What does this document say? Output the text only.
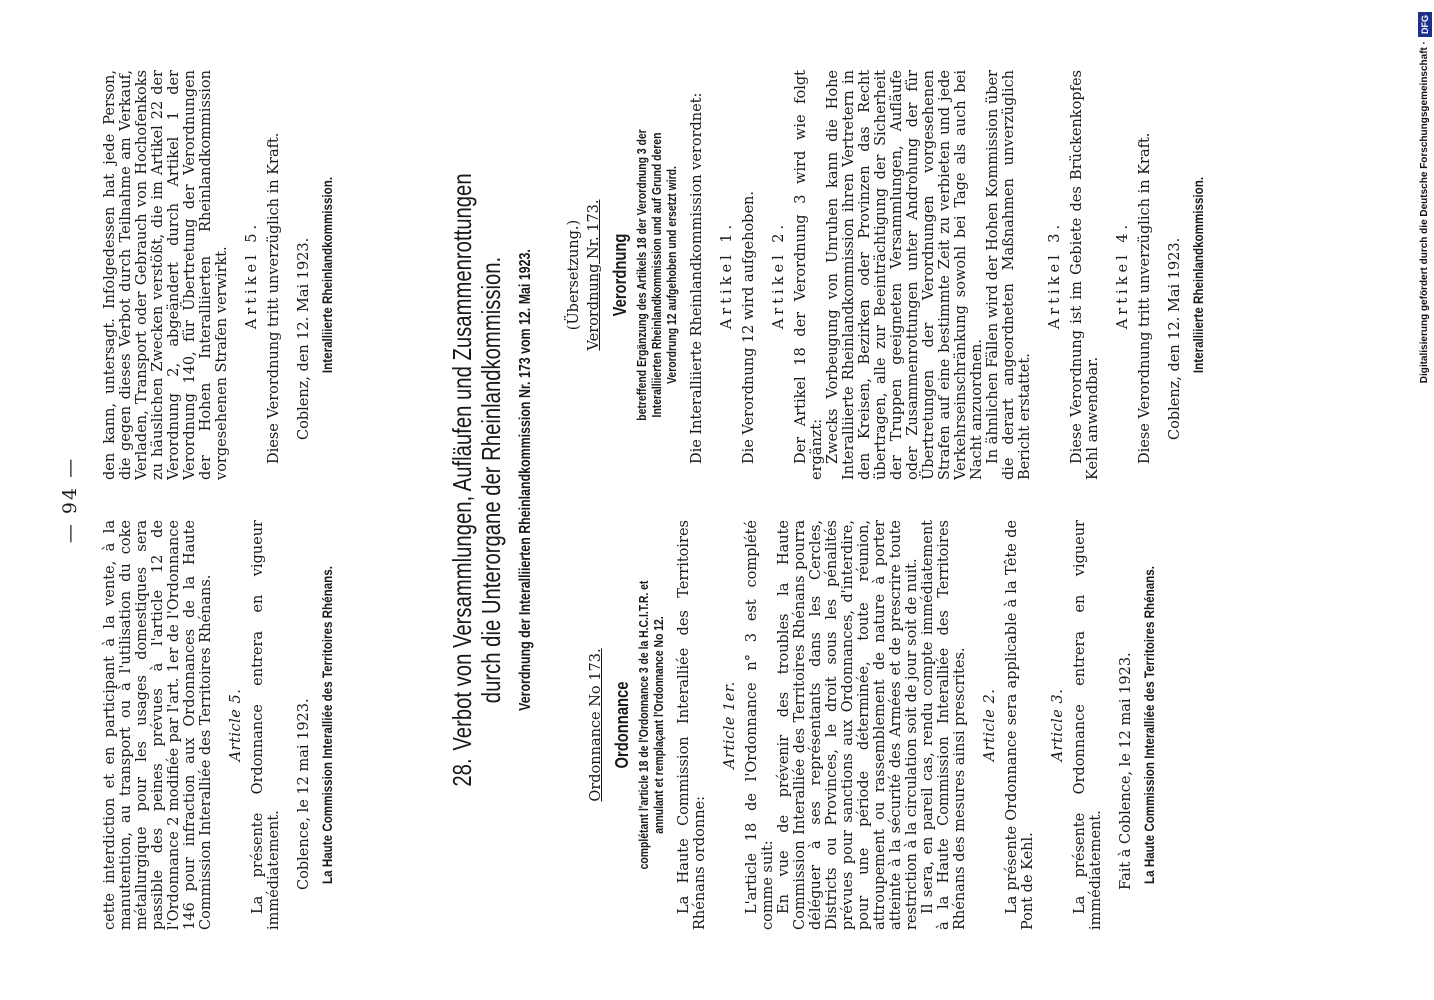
— 94 —

cette interdiction et en participant à la vente, à la manutention, au transport ou à l'utilisation du coke métallurgique pour les usages domestiques sera passible des peines prévues à l'article 12 de l'Ordonnance 2 modifiée par l'art. 1er de l'Ordonnance 146 pour infraction aux Ordonnances de la Haute Commission Interalliée des Territoires Rhénans. Article 5. La présente Ordonnance entrera en vigueur immédiatement. Coblence, le 12 mai 1923. La Haute Commission Interalliée des Territoires Rhénans.

den kann, untersagt. Infolgedessen hat jede Person, die gegen dieses Verbot durch Teilnahme am Verkauf, Verladen, Transport oder Gebrauch von Hochofenkoks zu häuslichen Zwecken verstößt, die im Artikel 22 der Verordnung 2, abgeändert durch Artikel 1 der Verordnung 140, für Übertretung der Verordnungen der Hohen Interalliierten Rheinlandkommission vorgesehenen Strafen verwirkt. Artikel 5. Diese Verordnung tritt unverzüglich in Kraft. Coblenz, den 12. Mai 1923. Interalliierte Rheinlandkommission.
28.Verbot von Versammlungen, Aufläufen und Zusammenrottungen durch die Unterorgane der Rheinlandkommission. Verordnung der Interalliierten Rheinlandkommission Nr. 173 vom 12. Mai 1923.
Ordonnance No 173. Ordonnance complétant l'article 18 de l'Ordonnance 3 de la H.C.I.T.R. et annulant et remplaçant l'Ordonnance No 12. La Haute Commission Interalliée des Territoires Rhénans ordonne:

Article 1er. L'article 18 de l'Ordonnance n° 3 est complété comme suit: En vue de prévenir des troubles la Haute Commission Interalliée des Territoires Rhénans pourra déléguer à ses représentants dans les Cercles, Districts ou Provinces, le droit sous les pénalités prévues pour sanctions aux Ordonnances, d'interdire, pour une période déterminée, toute réunion, attroupement ou rassemblement de nature à porter atteinte à la sécurité des Armées et de prescrire toute restriction à la circulation soit de jour soit de nuit. Il sera, en pareil cas, rendu compte immédiatement à la Haute Commission Interalliée des Territoires Rhénans des mesures ainsi prescrites. Article 2. La présente Ordonnance sera applicable à la Tête de Pont de Kehl.

Article 3. La présente Ordonnance entrera en vigueur immédiatement. Fait à Coblence, le 12 mai 1923. La Haute Commission Interalliée des Territoires Rhénans.
(Übersetzung.) Verordnung Nr. 173. Verordnung betreffend Ergänzung des Artikels 18 der Verordnung 3 der Interalliierten Rheinlandkommission und auf Grund deren Verordrung 12 aufgehoben und ersetzt wird. Die Interalliierte Rheinlandkommission verordnet: Artikel 1. Die Verordnung 12 wird aufgehoben. Artikel 2. Der Artikel 18 der Verordnung 3 wird wie folgt ergänzt: Zwecks Vorbeugung von Unruhen kann die Hohe Interalliierte Rheinlandkommission ihren Vertretern in den Kreisen, Bezirken oder Provinzen das Recht übertragen, alle zur Beeinträchtigung der Sicherheit der Truppen geeigneten Versammlungen, Aufläufe oder Zusammenrottungen unter Androhung der für Übertretungen der Verordnungen vorgesehenen Strafen auf eine bestimmte Zeit zu verbieten und jede Verkehrseinschränkung sowohl bei Tage als auch bei Nacht anzuordnen. In ähnlichen Fällen wird der Hohen Kommission über die derart angeordneten Maßnahmen unverzüglich Bericht erstattet.

Artikel 3. Diese Verordnung ist im Gebiete des Brückenkopfes Kehl anwendbar.

Artikel 4. Diese Verordnung tritt unverzüglich in Kraft. Coblenz, den 12. Mai 1923. Interalliierte Rheinlandkommission.	Digitalisierung gefördert durch die Deutsche Forschungsgemeinschaft ·
DFG
